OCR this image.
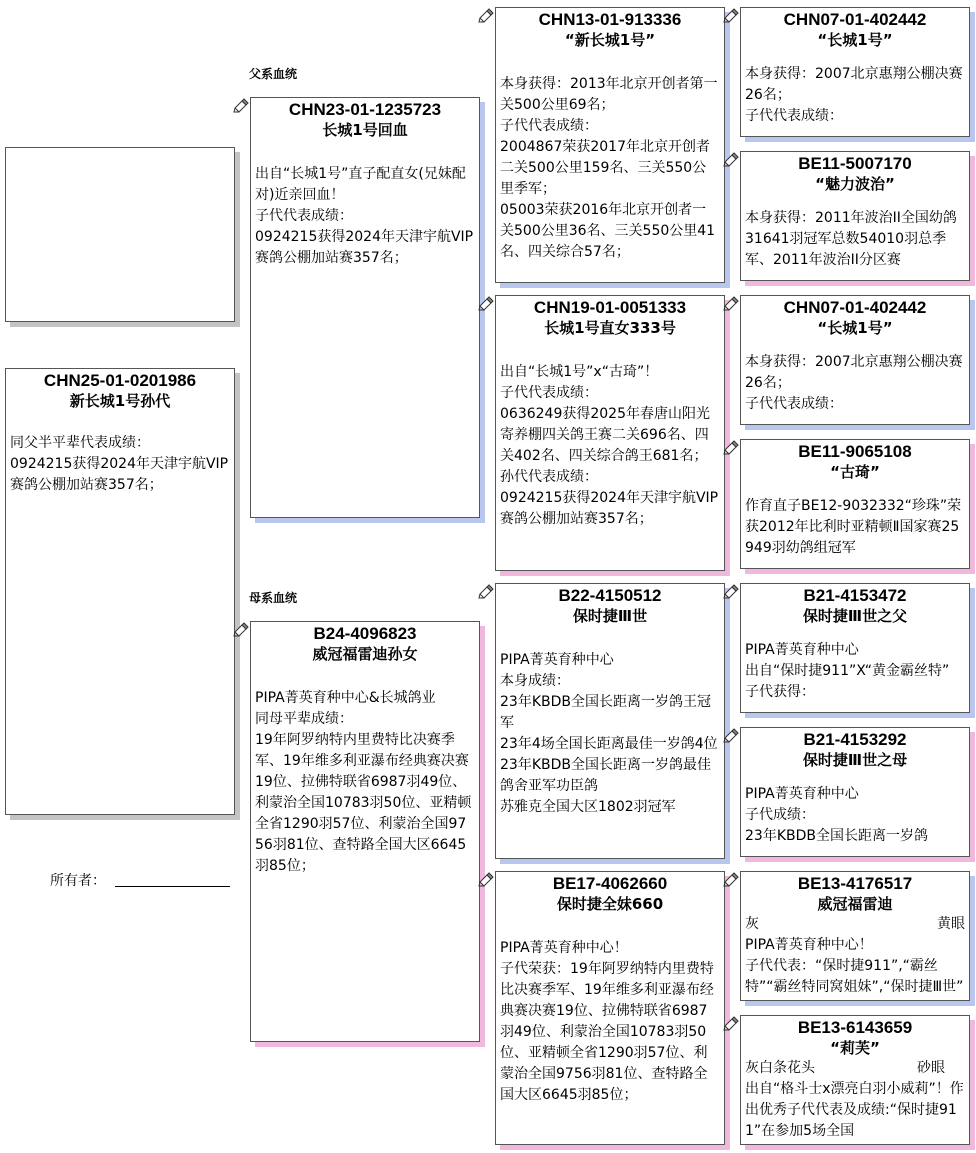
父系血统
母系血统
CHN25-01-0201986
新长城1号孙代
同父半平辈代表成绩：
0924215获得2024年天津宇航VIP赛鸽公棚加站赛357名；
所有者：
CHN23-01-1235723
长城1号回血
出自“长城1号”直子配直女(兄妹配对)近亲回血！
子代代表成绩：
0924215获得2024年天津宇航VIP赛鸽公棚加站赛357名；
B24-4096823
威冠福雷迪孙女
PIPA菁英育种中心&长城鸽业
同母平辈成绩：
19年阿罗纳特内里费特比决赛季军、19年维多利亚瀑布经典赛决赛19位、拉佛特联省6987羽49位、利蒙治全国10783羽50位、亚精顿全省1290羽57位、利蒙治全国9756羽81位、查特路全国大区6645羽85位；
CHN13-01-913336
“新长城1号”
本身获得：2013年北京开创者第一关500公里69名；
子代代表成绩：
2004867荣获2017年北京开创者二关500公里159名、三关550公里季军；
05003荣获2016年北京开创者一关500公里36名、三关550公里41名、四关综合57名；
CHN19-01-0051333
长城1号直女333号
出自“长城1号”x“古琦”！
子代代表成绩：
0636249获得2025年春唐山阳光寄养棚四关鸽王赛二关696名、四关402名、四关综合鸽王681名；
孙代代表成绩：
0924215获得2024年天津宇航VIP赛鸽公棚加站赛357名；
B22-4150512
保时捷Ⅲ世
PIPA菁英育种中心
本身成绩：
23年KBDB全国长距离一岁鸽王冠军
23年4场全国长距离最佳一岁鸽4位
23年KBDB全国长距离一岁鸽最佳鸽舍亚军功臣鸽
苏雅克全国大区1802羽冠军
BE17-4062660
保时捷全妹660
PIPA菁英育种中心！
子代荣获：19年阿罗纳特内里费特比决赛季军、19年维多利亚瀑布经典赛决赛19位、拉佛特联省6987羽49位、利蒙治全国10783羽50位、亚精顿全省1290羽57位、利蒙治全国9756羽81位、查特路全国大区6645羽85位；
CHN07-01-402442
“长城1号”
本身获得：2007北京惠翔公棚决赛26名；
子代代表成绩：
BE11-5007170
“魅力波治”
本身获得：2011年波治II全国幼鸽31641羽冠军总数54010羽总季军、2011年波治II分区赛
CHN07-01-402442
“长城1号”
本身获得：2007北京惠翔公棚决赛26名；
子代代表成绩：
BE11-9065108
“古琦”
作育直子BE12-9032332“珍珠”荣获2012年比利时亚精顿Ⅱ国家赛25949羽幼鸽组冠军
B21-4153472
保时捷Ⅲ世之父
PIPA菁英育种中心
出自“保时捷911”X“黄金霸丝特”
子代获得：
B21-4153292
保时捷Ⅲ世之母
PIPA菁英育种中心
子代成绩：
23年KBDB全国长距离一岁鸽
BE13-4176517
威冠福雷迪
灰	黄眼
PIPA菁英育种中心！
子代代表：“保时捷911”,“霸丝特”“霸丝特同窝姐妹”,“保时捷Ⅲ世”
BE13-6143659
“莉芙”
灰白条花头	砂眼
出自“格斗士x漂亮白羽小威莉”！作出优秀子代代表及成绩:“保时捷911”在参加5场全国
